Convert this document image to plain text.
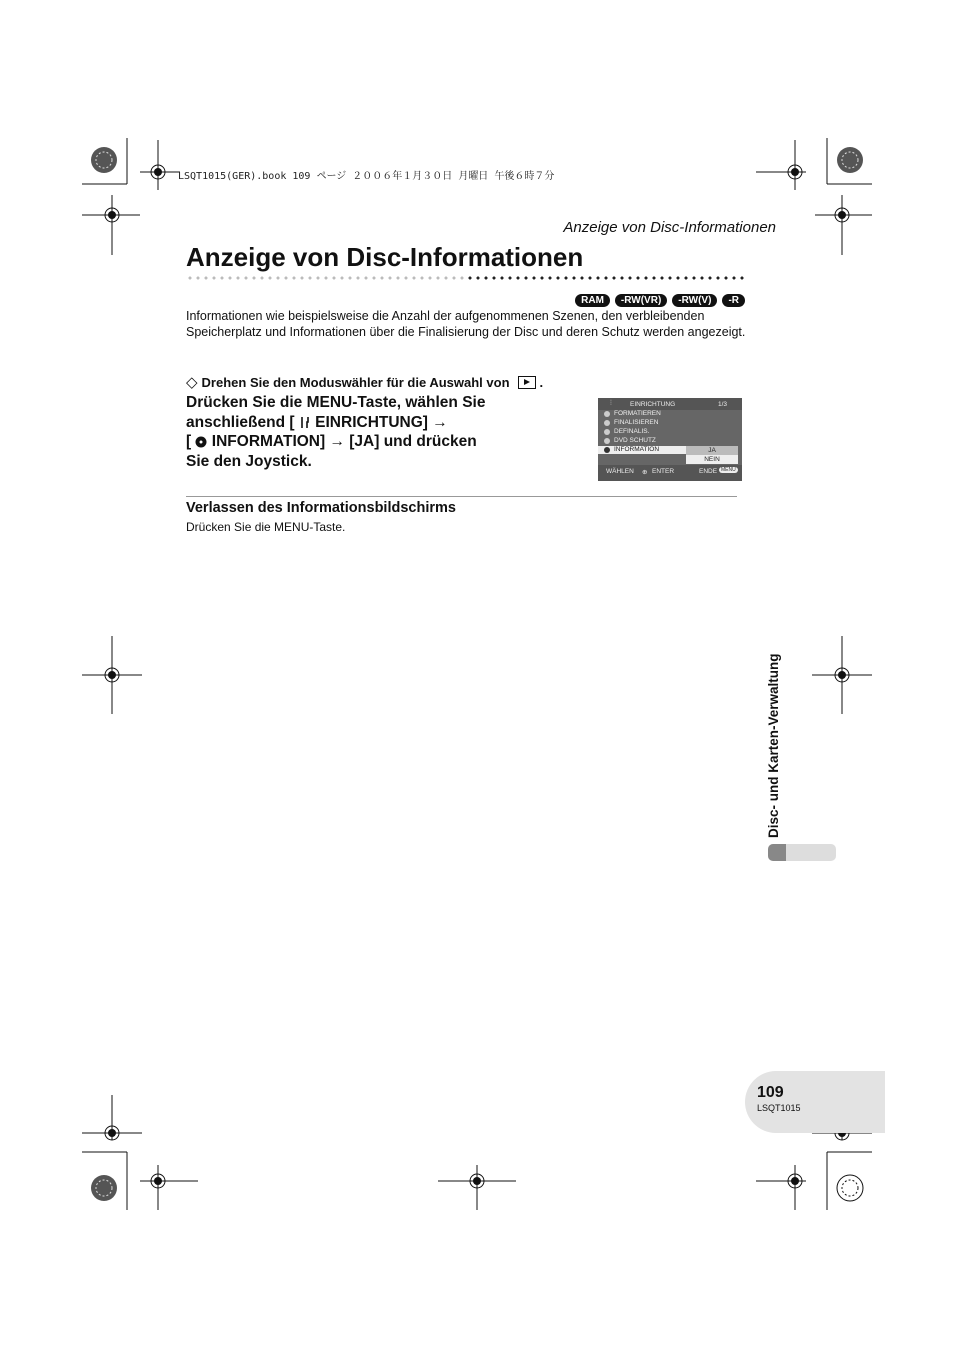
LSQT1015(GER).book 109 ページ ２００６年１月３０日 月曜日 午後６時７分
Anzeige von Disc-Informationen
Anzeige von Disc-Informationen
RAM	-RW(VR)	-RW(V)	-R
Informationen wie beispielsweise die Anzahl der aufgenommenen Szenen, den verbleibenden Speicherplatz und Informationen über die Finalisierung der Disc und deren Schutz werden angezeigt.
◇ Drehen Sie den Moduswähler für die Auswahl von .
Drücken Sie die MENU-Taste, wählen Sie
anschließend [ EINRICHTUNG] →
[ INFORMATION] → [JA] und drücken
Sie den Joystick.
⫶	EINRICHTUNG	1/3
FORMATIEREN
FINALISIEREN
DEFINALIS.
DVD SCHUTZ
INFORMATION	JA
NEIN
WÄHLEN ⊕ ENTER	ENDE MENU
Verlassen des Informationsbildschirms
Drücken Sie die MENU-Taste.
Disc- und Karten-Verwaltung
109
LSQT1015
